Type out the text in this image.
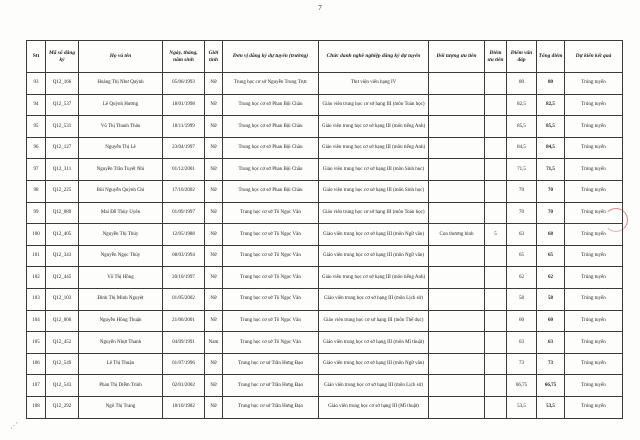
7
Stt	Mã số đăng ký	Họ và tên	Ngày, tháng, năm sinh	Giới tính	Đơn vị đăng ký dự tuyển (trường)	Chức danh nghề nghiệp đăng ký dự tuyển	Đối tượng ưu tiên	Điểm ưu tiên	Điểm vấn đáp	Tổng điểm	Dự kiến kết quả
93	Q12_166	Hoàng Thị Như Quỳnh	05/06/1993	Nữ	Trung học cơ sở Nguyễn Trung Trực	Thư viện viên hạng IV			80	80	Trúng tuyển
94	Q12_537	Lê Quỳnh Hương	18/01/1998	Nữ	Trung học cơ sở Phan Bội Châu	Giáo viên trung học cơ sở hạng III (môn Toán học)			82,5	82,5	Trúng tuyển
95	Q12_531	Võ Thị Thanh Thảo	18/11/1999	Nữ	Trung học cơ sở Phan Bội Châu	Giáo viên trung học cơ sở hạng III (môn tiếng Anh)			85,5	85,5	Trúng tuyển
96	Q12_127	Nguyễn Thị Lê	23/04/1997	Nữ	Trung học cơ sở Phan Bội Châu	Giáo viên trung học cơ sở hạng III (môn tiếng Anh)			84,5	84,5	Trúng tuyển
97	Q12_311	Nguyễn Trần Tuyết Nhi	01/12/2001	Nữ	Trung học cơ sở Phan Bội Châu	Giáo viên trung học cơ sở hạng III (môn Sinh học)			71,5	71,5	Trúng tuyển
98	Q12_225	Bùi Nguyễn Quỳnh Chi	17/10/2002	Nữ	Trung học cơ sở Phan Bội Châu	Giáo viên trung học cơ sở hạng III (môn Sinh học)			70	70	Trúng tuyển
99	Q12_089	Mai Đỗ Thùy Uyên	01/09/1997	Nữ	Trung học cơ sở Tô Ngọc Vân	Giáo viên trung học cơ sở hạng III (môn Toán học)			70	70	Trúng tuyển
100	Q12_405	Nguyễn Thị Thúy	12/05/1988	Nữ	Trung học cơ sở Tô Ngọc Vân	Giáo viên trung học cơ sở hạng III (môn Ngữ văn)	Con thương binh	5	63	68	Trúng tuyển
101	Q12_343	Nguyễn Ngọc Thúy	08/03/1994	Nữ	Trung học cơ sở Tô Ngọc Vân	Giáo viên trung học cơ sở hạng III (môn Ngữ văn)			65	65	Trúng tuyển
102	Q12_445	Võ Thị Hồng	20/10/1997	Nữ	Trung học cơ sở Tô Ngọc Vân	Giáo viên trung học cơ sở hạng III (môn tiếng Anh)			62	62	Trúng tuyển
103	Q12_103	Đinh Thị Minh Nguyệt	01/05/2002	Nữ	Trung học cơ sở Tô Ngọc Vân	Giáo viên trung học cơ sở hạng III (môn Lịch sử)			58	58	Trúng tuyển
104	Q12_006	Nguyễn Hồng Thuận	21/06/2001	Nữ	Trung học cơ sở Tô Ngọc Vân	Giáo viên trung học cơ sở hạng III (môn Thể dục)			60	60	Trúng tuyển
105	Q12_452	Nguyễn Nhựt Thanh	04/09/1991	Nam	Trung học cơ sở Tô Ngọc Vân	Giáo viên trung học cơ sở hạng III (môn Mĩ thuật)			63	63	Trúng tuyển
106	Q12_549	Lê Thị Thuận	01/07/1996	Nữ	Trung học cơ sở Trần Hưng Đạo	Giáo viên trung học cơ sở hạng III (môn Ngữ văn)			73	73	Trúng tuyển
107	Q12_543	Phan Thị Diễm Trinh	02/01/2002	Nữ	Trung học cơ sở Trần Hưng Đạo	Giáo viên trung học cơ sở hạng III (môn Lịch sử)			66,75	66,75	Trúng tuyển
108	Q12_292	Ngô Thị Trang	18/10/1982	Nữ	Trung học cơ sở Trần Hưng Đạo	Giáo viên trung học cơ sở hạng III (Mĩ thuật)			53,5	53,5	Trúng tuyển
⋰
